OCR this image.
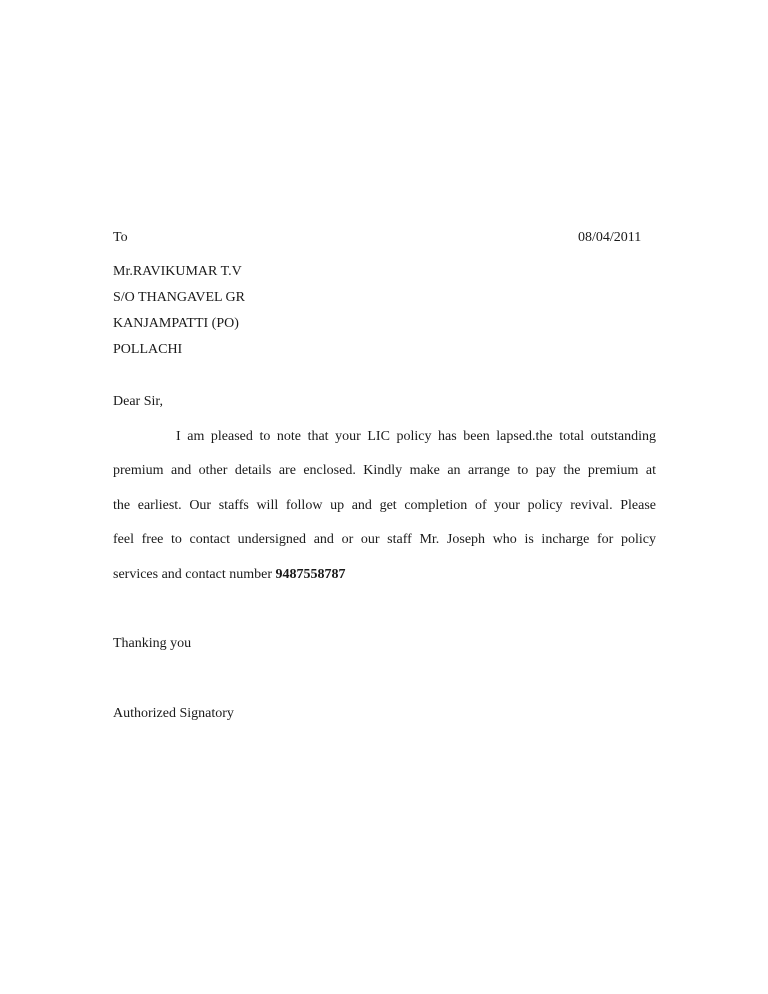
To	08/04/2011
Mr.RAVIKUMAR T.V
S/O THANGAVEL GR
KANJAMPATTI (PO)
POLLACHI
Dear Sir,
I am pleased to note that your LIC policy has been lapsed.the total outstanding
premium and other details are enclosed. Kindly make an arrange to pay the premium at
the earliest. Our staffs will follow up and get completion of your policy revival. Please
feel free to contact undersigned and or our staff Mr. Joseph who is incharge for policy
services and contact number 9487558787
Thanking you
Authorized Signatory
